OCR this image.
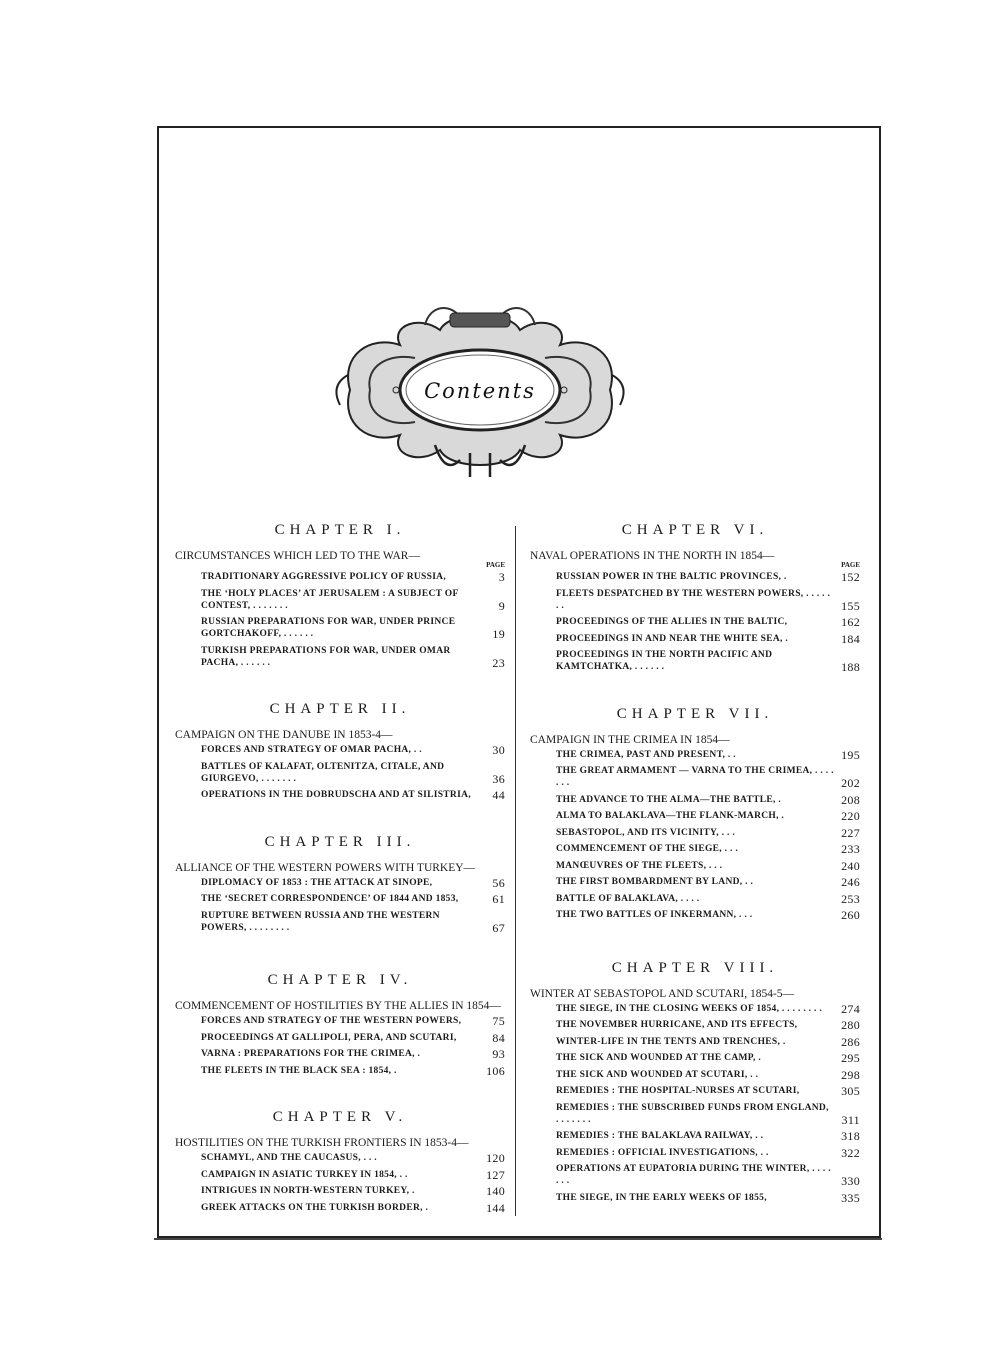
Contents
CHAPTER I.

CIRCUMSTANCES WHICH LED TO THE WAR—

PAGE
TRADITIONARY AGGRESSIVE POLICY OF RUSSIA,	3
THE ‘HOLY PLACES’ AT JERUSALEM : A SUBJECT OF CONTEST, . . . . . . .	9
RUSSIAN PREPARATIONS FOR WAR, UNDER PRINCE GORTCHAKOFF, . . . . . .	19
TURKISH PREPARATIONS FOR WAR, UNDER OMAR PACHA, . . . . . .	23
CHAPTER II.

CAMPAIGN ON THE DANUBE IN 1853-4—

FORCES AND STRATEGY OF OMAR PACHA, . .	30
BATTLES OF KALAFAT, OLTENITZA, CITALE, AND GIURGEVO, . . . . . . .	36
OPERATIONS IN THE DOBRUDSCHA AND AT SILISTRIA,	44
CHAPTER III.

ALLIANCE OF THE WESTERN POWERS WITH TURKEY—

DIPLOMACY OF 1853 : THE ATTACK AT SINOPE,	56
THE ‘SECRET CORRESPONDENCE’ OF 1844 AND 1853,	61
RUPTURE BETWEEN RUSSIA AND THE WESTERN POWERS, . . . . . . . .	67
CHAPTER IV.

COMMENCEMENT OF HOSTILITIES BY THE ALLIES IN 1854—

FORCES AND STRATEGY OF THE WESTERN POWERS,	75
PROCEEDINGS AT GALLIPOLI, PERA, AND SCUTARI,	84
VARNA : PREPARATIONS FOR THE CRIMEA, .	93
THE FLEETS IN THE BLACK SEA : 1854, .	106
CHAPTER V.

HOSTILITIES ON THE TURKISH FRONTIERS IN 1853-4—

SCHAMYL, AND THE CAUCASUS, . . .	120
CAMPAIGN IN ASIATIC TURKEY IN 1854, . .	127
INTRIGUES IN NORTH-WESTERN TURKEY, .	140
GREEK ATTACKS ON THE TURKISH BORDER, .	144
CHAPTER VI.

NAVAL OPERATIONS IN THE NORTH IN 1854—

PAGE
RUSSIAN POWER IN THE BALTIC PROVINCES, .	152
FLEETS DESPATCHED BY THE WESTERN POWERS, . . . . . . .	155
PROCEEDINGS OF THE ALLIES IN THE BALTIC,	162
PROCEEDINGS IN AND NEAR THE WHITE SEA, .	184
PROCEEDINGS IN THE NORTH PACIFIC AND KAMTCHATKA, . . . . . .	188
CHAPTER VII.

CAMPAIGN IN THE CRIMEA IN 1854—

THE CRIMEA, PAST AND PRESENT, . .	195
THE GREAT ARMAMENT — VARNA TO THE CRIMEA, . . . . . . .	202
THE ADVANCE TO THE ALMA—THE BATTLE, .	208
ALMA TO BALAKLAVA—THE FLANK-MARCH, .	220
SEBASTOPOL, AND ITS VICINITY, . . .	227
COMMENCEMENT OF THE SIEGE, . . .	233
MANŒUVRES OF THE FLEETS, . . .	240
THE FIRST BOMBARDMENT BY LAND, . .	246
BATTLE OF BALAKLAVA, . . . .	253
THE TWO BATTLES OF INKERMANN, . . .	260
CHAPTER VIII.

WINTER AT SEBASTOPOL AND SCUTARI, 1854-5—

THE SIEGE, IN THE CLOSING WEEKS OF 1854, . . . . . . . .	274
THE NOVEMBER HURRICANE, AND ITS EFFECTS,	280
WINTER-LIFE IN THE TENTS AND TRENCHES, .	286
THE SICK AND WOUNDED AT THE CAMP, .	295
THE SICK AND WOUNDED AT SCUTARI, . .	298
REMEDIES : THE HOSPITAL-NURSES AT SCUTARI,	305
REMEDIES : THE SUBSCRIBED FUNDS FROM ENGLAND, . . . . . . .	311
REMEDIES : THE BALAKLAVA RAILWAY, . .	318
REMEDIES : OFFICIAL INVESTIGATIONS, . .	322
OPERATIONS AT EUPATORIA DURING THE WINTER, . . . . . . .	330
THE SIEGE, IN THE EARLY WEEKS OF 1855,	335
